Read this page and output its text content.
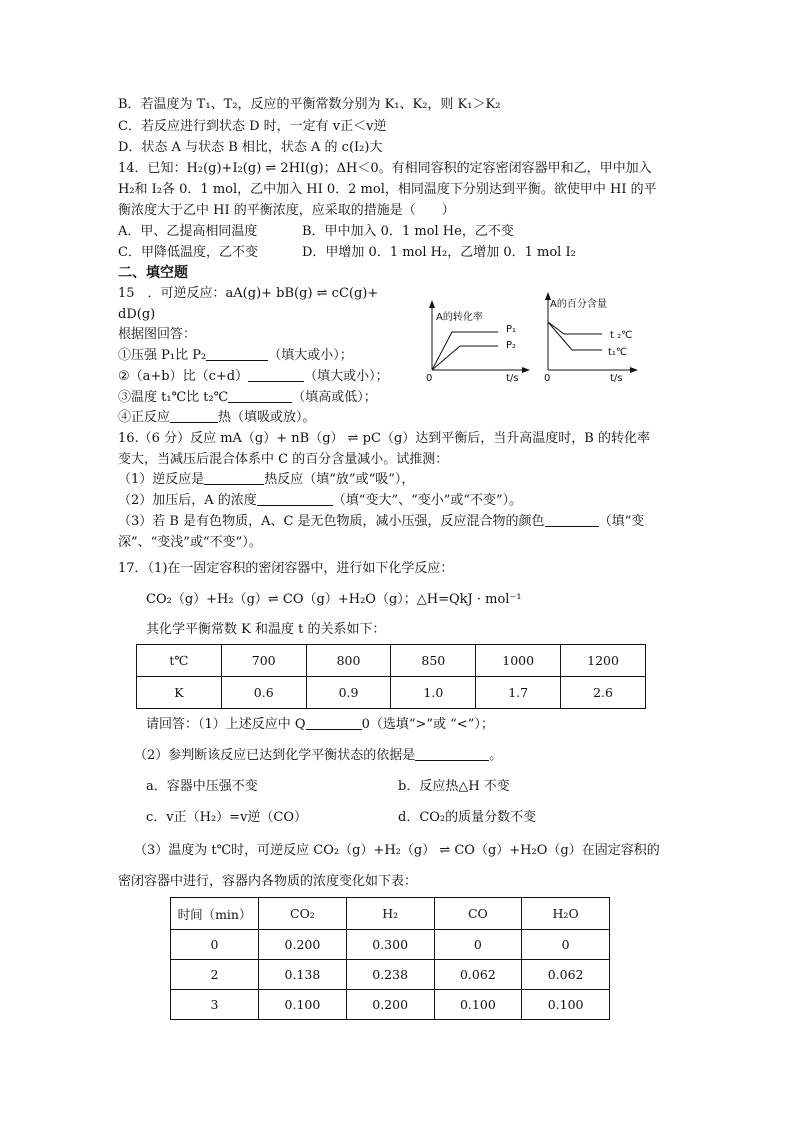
B．若温度为 T₁、T₂，反应的平衡常数分别为 K₁、K₂，则 K₁＞K₂
C．若反应进行到状态 D 时，一定有 v正＜v逆
D．状态 A 与状态 B 相比，状态 A 的 c(I₂)大
14．已知：H₂(g)+I₂(g) ⇌ 2HI(g)；ΔH＜0。有相同容积的定容密闭容器甲和乙，甲中加入
H₂和 I₂各 0．1 mol，乙中加入 HI 0．2 mol，相同温度下分别达到平衡。欲使甲中 HI 的平
衡浓度大于乙中 HI 的平衡浓度，应采取的措施是（　　）
A．甲、乙提高相同温度	B．甲中加入 0．1 mol He，乙不变
C．甲降低温度，乙不变	D．甲增加 0．1 mol H₂，乙增加 0．1 mol I₂
二、填空题
15　．可逆反应：aA(g)+ bB(g) ⇌ cC(g)+
dD(g)
根据图回答：
①压强 P₁比 P₂	（填大或小）；
②（a+b）比（c+d）	（填大或小）；
③温度 t₁℃比 t₂℃	（填高或低）；
④正反应	热（填吸或放）。
A的转化率
P₁
P₂
0	t/s
A的百分含量
t ₂℃
t₁℃
0	t/s
16.（6 分）反应 mA（g）+ nB（g） ⇌ pC（g）达到平衡后，当升高温度时，B 的转化率
变大，当减压后混合体系中 C 的百分含量减小。试推测：
（1）逆反应是	热反应（填“放”或“吸”），
（2）加压后，A 的浓度	（填“变大”、“变小”或“不变”）。
（3）若 B 是有色物质，A、C 是无色物质，减小压强，反应混合物的颜色	（填“变
深”、“变浅”或“不变”）。
17．（1)在一固定容积的密闭容器中，进行如下化学反应：
CO₂（g）+H₂（g）⇌ CO（g）+H₂O（g）；△H=QkJ · mol⁻¹
其化学平衡常数 K 和温度 t 的关系如下：
t℃	700	800	850	1000	1200
K	0.6	0.9	1.0	1.7	2.6
请回答：（1）上述反应中 Q	0（选填“>”或 “<”）；
（2）参判断该反应已达到化学平衡状态的依据是	。
a．容器中压强不变	b．反应热△H 不变
c．v正（H₂）=v逆（CO）	d．CO₂的质量分数不变
（3）温度为 t℃时，可逆反应 CO₂（g）+H₂（g） ⇌ CO（g）+H₂O（g）在固定容积的
密闭容器中进行，容器内各物质的浓度变化如下表：
时间（min）	CO₂	H₂	CO	H₂O
0	0.200	0.300	0	0
2	0.138	0.238	0.062	0.062
3	0.100	0.200	0.100	0.100
